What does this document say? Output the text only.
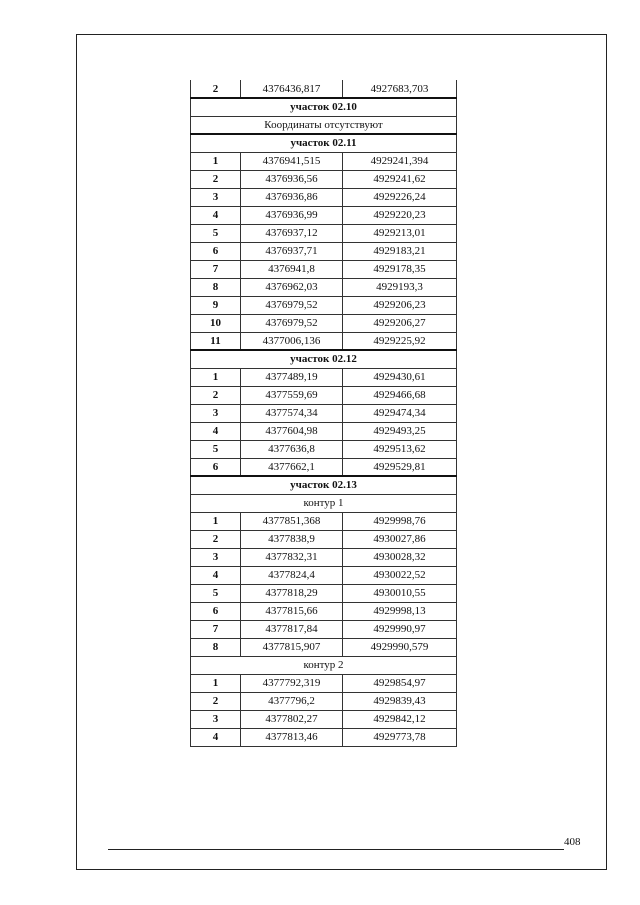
2	4376436,817	4927683,703
участок 02.10		
Координаты отсутствуют		
участок 02.11		
1	4376941,515	4929241,394
2	4376936,56	4929241,62
3	4376936,86	4929226,24
4	4376936,99	4929220,23
5	4376937,12	4929213,01
6	4376937,71	4929183,21
7	4376941,8	4929178,35
8	4376962,03	4929193,3
9	4376979,52	4929206,23
10	4376979,52	4929206,27
11	4377006,136	4929225,92
участок 02.12		
1	4377489,19	4929430,61
2	4377559,69	4929466,68
3	4377574,34	4929474,34
4	4377604,98	4929493,25
5	4377636,8	4929513,62
6	4377662,1	4929529,81
участок 02.13		
контур 1		
1	4377851,368	4929998,76
2	4377838,9	4930027,86
3	4377832,31	4930028,32
4	4377824,4	4930022,52
5	4377818,29	4930010,55
6	4377815,66	4929998,13
7	4377817,84	4929990,97
8	4377815,907	4929990,579
контур 2		
1	4377792,319	4929854,97
2	4377796,2	4929839,43
3	4377802,27	4929842,12
4	4377813,46	4929773,78
408
